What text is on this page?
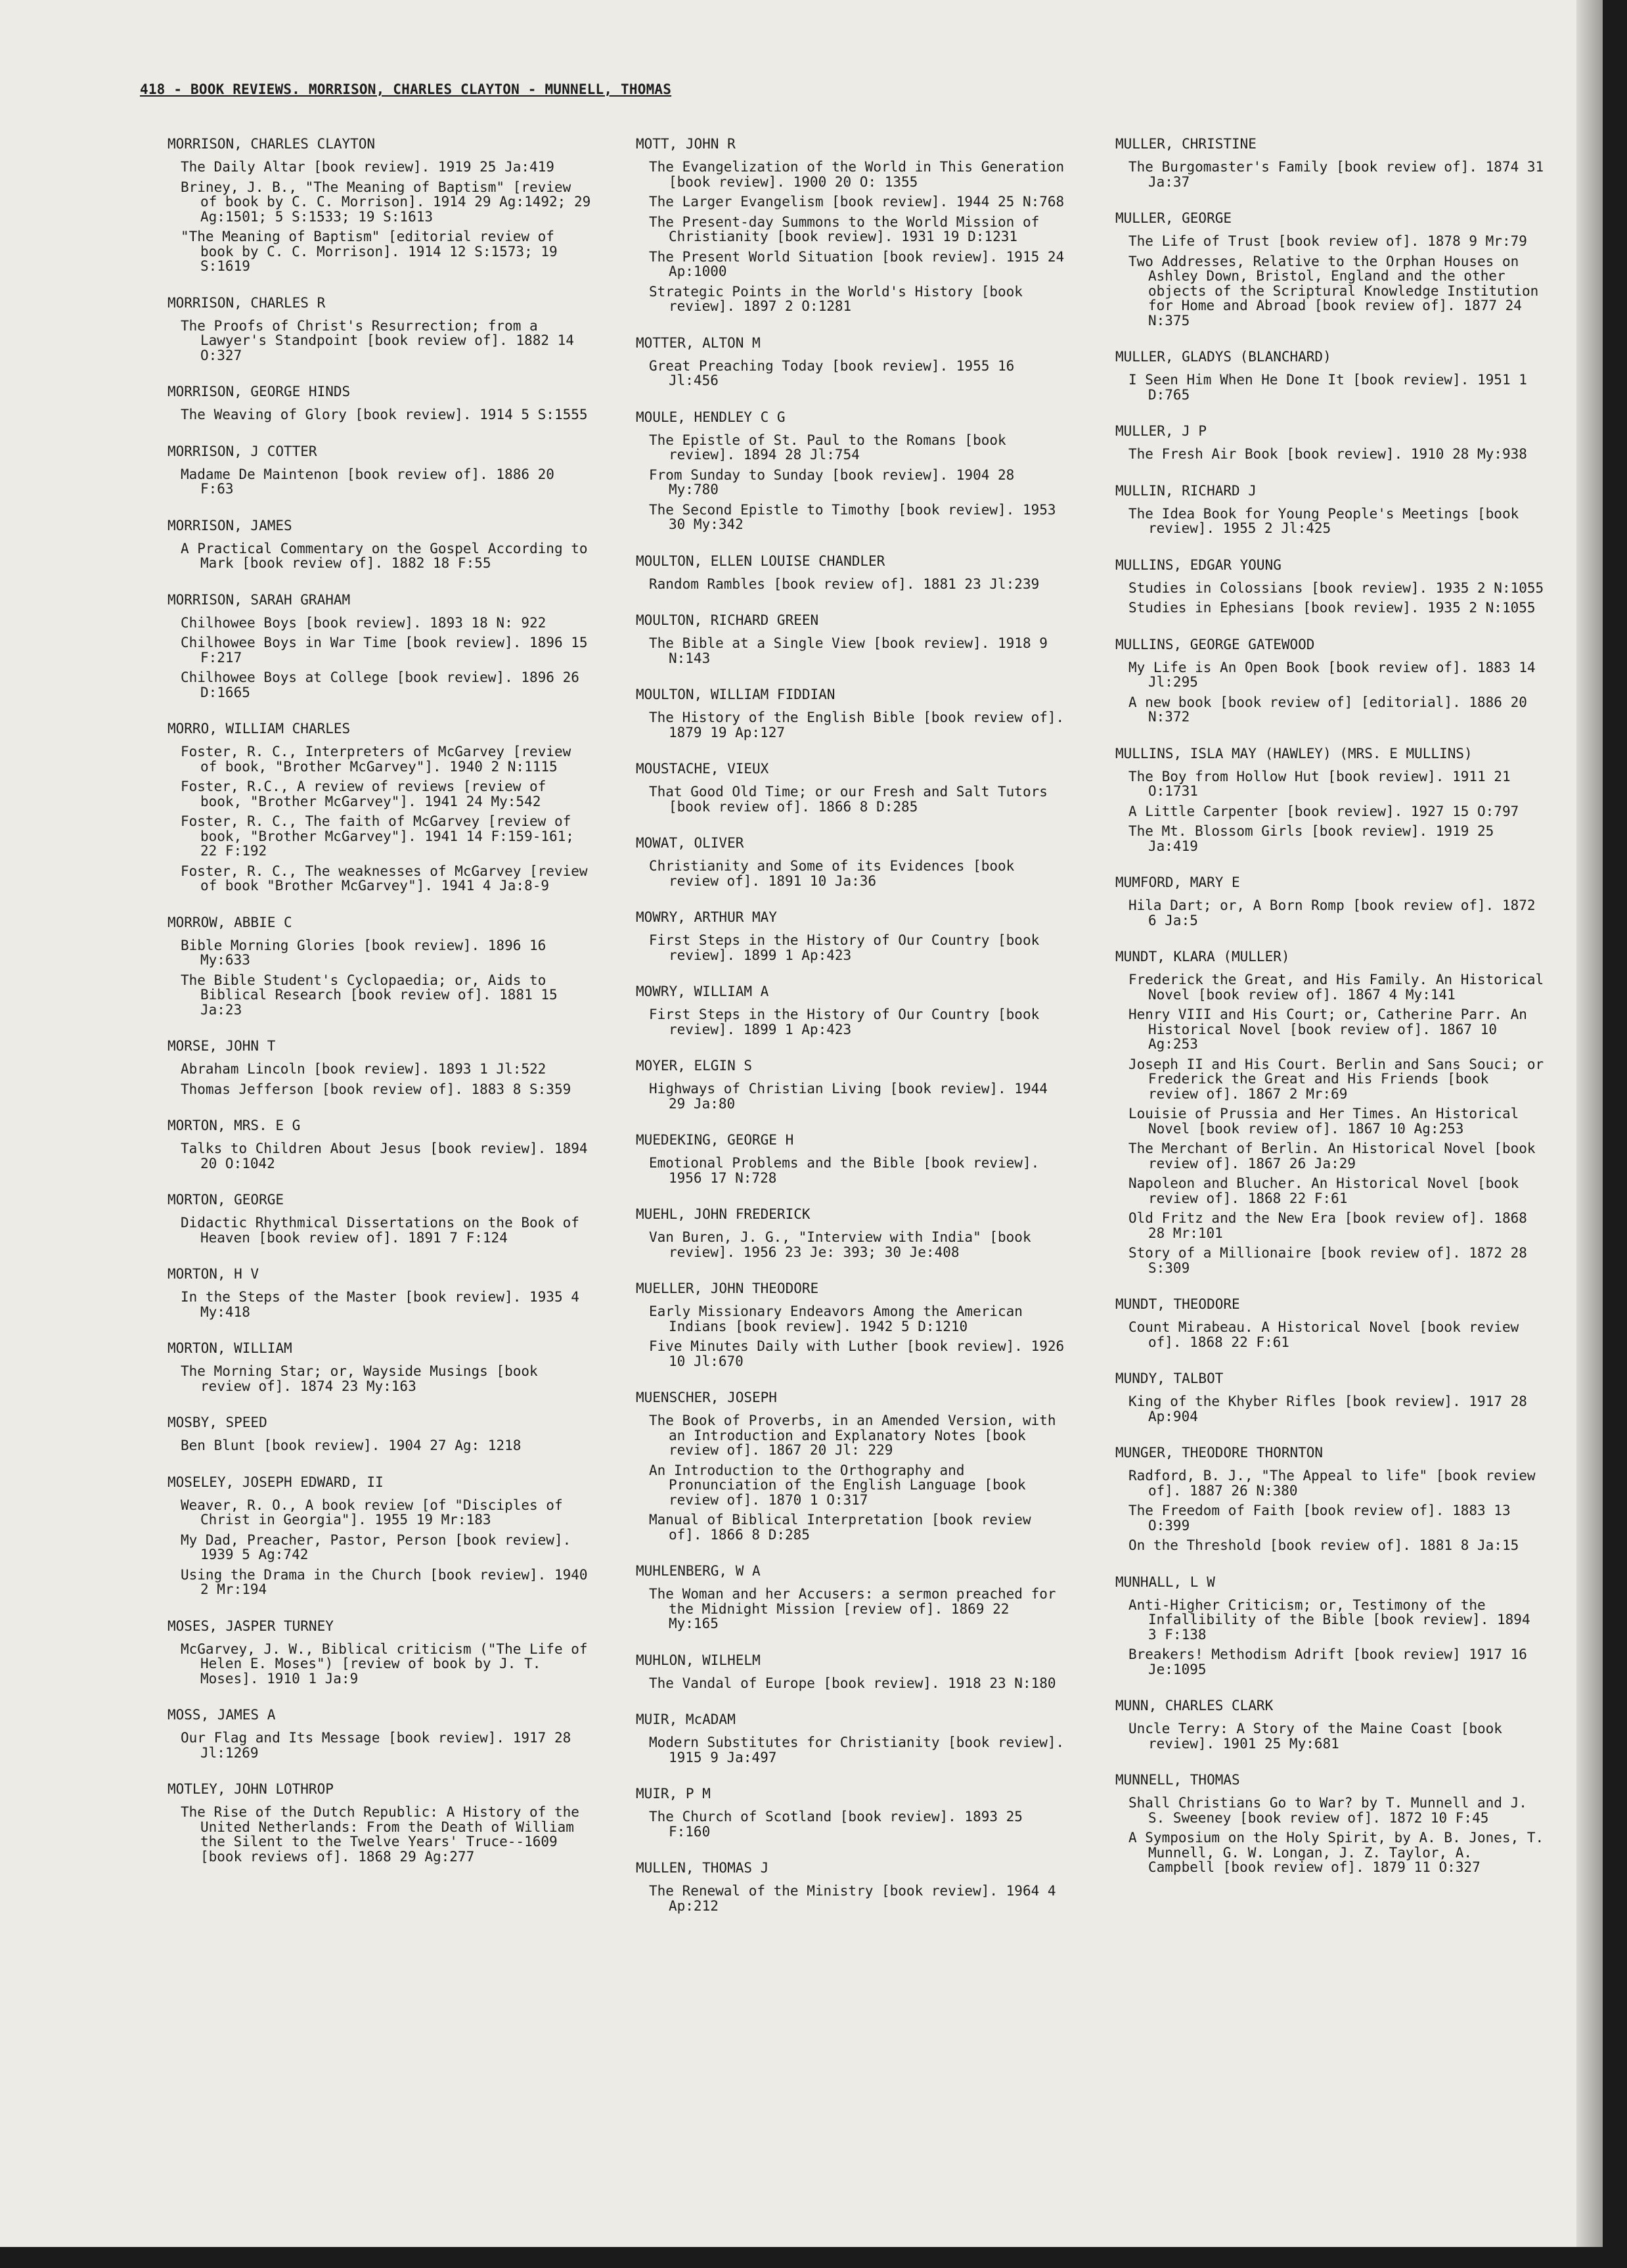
418 - BOOK REVIEWS. MORRISON, CHARLES CLAYTON - MUNNELL, THOMAS
MORRISON, CHARLES CLAYTON
The Daily Altar [book review]. 1919 25 Ja:419
Briney, J. B., "The Meaning of Baptism" [review of book by C. C. Morrison]. 1914 29 Ag:1492; 29 Ag:1501; 5 S:1533; 19 S:1613
"The Meaning of Baptism" [editorial review of book by C. C. Morrison]. 1914 12 S:1573; 19 S:1619
MORRISON, CHARLES R
The Proofs of Christ's Resurrection; from a Lawyer's Standpoint [book review of]. 1882 14 O:327
MORRISON, GEORGE HINDS
The Weaving of Glory [book review]. 1914 5 S:1555
MORRISON, J COTTER
Madame De Maintenon [book review of]. 1886 20 F:63
MORRISON, JAMES
A Practical Commentary on the Gospel According to Mark [book review of]. 1882 18 F:55
MORRISON, SARAH GRAHAM
Chilhowee Boys [book review]. 1893 18 N: 922
Chilhowee Boys in War Time [book review]. 1896 15 F:217
Chilhowee Boys at College [book review]. 1896 26 D:1665
MORRO, WILLIAM CHARLES
Foster, R. C., Interpreters of McGarvey [review of book, "Brother McGarvey"]. 1940 2 N:1115
Foster, R.C., A review of reviews [review of book, "Brother McGarvey"]. 1941 24 My:542
Foster, R. C., The faith of McGarvey [review of book, "Brother McGarvey"]. 1941 14 F:159-161; 22 F:192
Foster, R. C., The weaknesses of McGarvey [review of book "Brother McGarvey"]. 1941 4 Ja:8-9
MORROW, ABBIE C
Bible Morning Glories [book review]. 1896 16 My:633
The Bible Student's Cyclopaedia; or, Aids to Biblical Research [book review of]. 1881 15 Ja:23
MORSE, JOHN T
Abraham Lincoln [book review]. 1893 1 Jl:522
Thomas Jefferson [book review of]. 1883 8 S:359
MORTON, MRS. E G
Talks to Children About Jesus [book review]. 1894 20 O:1042
MORTON, GEORGE
Didactic Rhythmical Dissertations on the Book of Heaven [book review of]. 1891 7 F:124
MORTON, H V
In the Steps of the Master [book review]. 1935 4 My:418
MORTON, WILLIAM
The Morning Star; or, Wayside Musings [book review of]. 1874 23 My:163
MOSBY, SPEED
Ben Blunt [book review]. 1904 27 Ag: 1218
MOSELEY, JOSEPH EDWARD, II
Weaver, R. O., A book review [of "Disciples of Christ in Georgia"]. 1955 19 Mr:183
My Dad, Preacher, Pastor, Person [book review]. 1939 5 Ag:742
Using the Drama in the Church [book review]. 1940 2 Mr:194
MOSES, JASPER TURNEY
McGarvey, J. W., Biblical criticism ("The Life of Helen E. Moses") [review of book by J. T. Moses]. 1910 1 Ja:9
MOSS, JAMES A
Our Flag and Its Message [book review]. 1917 28 Jl:1269
MOTLEY, JOHN LOTHROP
The Rise of the Dutch Republic: A History of the United Netherlands: From the Death of William the Silent to the Twelve Years' Truce--1609 [book reviews of]. 1868 29 Ag:277
MOTT, JOHN R
The Evangelization of the World in This Generation [book review]. 1900 20 O: 1355
The Larger Evangelism [book review]. 1944 25 N:768
The Present-day Summons to the World Mission of Christianity [book review]. 1931 19 D:1231
The Present World Situation [book review]. 1915 24 Ap:1000
Strategic Points in the World's History [book review]. 1897 2 O:1281
MOTTER, ALTON M
Great Preaching Today [book review]. 1955 16 Jl:456
MOULE, HENDLEY C G
The Epistle of St. Paul to the Romans [book review]. 1894 28 Jl:754
From Sunday to Sunday [book review]. 1904 28 My:780
The Second Epistle to Timothy [book review]. 1953 30 My:342
MOULTON, ELLEN LOUISE CHANDLER
Random Rambles [book review of]. 1881 23 Jl:239
MOULTON, RICHARD GREEN
The Bible at a Single View [book review]. 1918 9 N:143
MOULTON, WILLIAM FIDDIAN
The History of the English Bible [book review of]. 1879 19 Ap:127
MOUSTACHE, VIEUX
That Good Old Time; or our Fresh and Salt Tutors [book review of]. 1866 8 D:285
MOWAT, OLIVER
Christianity and Some of its Evidences [book review of]. 1891 10 Ja:36
MOWRY, ARTHUR MAY
First Steps in the History of Our Country [book review]. 1899 1 Ap:423
MOWRY, WILLIAM A
First Steps in the History of Our Country [book review]. 1899 1 Ap:423
MOYER, ELGIN S
Highways of Christian Living [book review]. 1944 29 Ja:80
MUEDEKING, GEORGE H
Emotional Problems and the Bible [book review]. 1956 17 N:728
MUEHL, JOHN FREDERICK
Van Buren, J. G., "Interview with India" [book review]. 1956 23 Je: 393; 30 Je:408
MUELLER, JOHN THEODORE
Early Missionary Endeavors Among the American Indians [book review]. 1942 5 D:1210
Five Minutes Daily with Luther [book review]. 1926 10 Jl:670
MUENSCHER, JOSEPH
The Book of Proverbs, in an Amended Version, with an Introduction and Explanatory Notes [book review of]. 1867 20 Jl: 229
An Introduction to the Orthography and Pronunciation of the English Language [book review of]. 1870 1 O:317
Manual of Biblical Interpretation [book review of]. 1866 8 D:285
MUHLENBERG, W A
The Woman and her Accusers: a sermon preached for the Midnight Mission [review of]. 1869 22 My:165
MUHLON, WILHELM
The Vandal of Europe [book review]. 1918 23 N:180
MUIR, McADAM
Modern Substitutes for Christianity [book review]. 1915 9 Ja:497
MUIR, P M
The Church of Scotland [book review]. 1893 25 F:160
MULLEN, THOMAS J
The Renewal of the Ministry [book review]. 1964 4 Ap:212
MULLER, CHRISTINE
The Burgomaster's Family [book review of]. 1874 31 Ja:37
MULLER, GEORGE
The Life of Trust [book review of]. 1878 9 Mr:79
Two Addresses, Relative to the Orphan Houses on Ashley Down, Bristol, England and the other objects of the Scriptural Knowledge Institution for Home and Abroad [book review of]. 1877 24 N:375
MULLER, GLADYS (BLANCHARD)
I Seen Him When He Done It [book review]. 1951 1 D:765
MULLER, J P
The Fresh Air Book [book review]. 1910 28 My:938
MULLIN, RICHARD J
The Idea Book for Young People's Meetings [book review]. 1955 2 Jl:425
MULLINS, EDGAR YOUNG
Studies in Colossians [book review]. 1935 2 N:1055
Studies in Ephesians [book review]. 1935 2 N:1055
MULLINS, GEORGE GATEWOOD
My Life is An Open Book [book review of]. 1883 14 Jl:295
A new book [book review of] [editorial]. 1886 20 N:372
MULLINS, ISLA MAY (HAWLEY) (MRS. E MULLINS)
The Boy from Hollow Hut [book review]. 1911 21 O:1731
A Little Carpenter [book review]. 1927 15 O:797
The Mt. Blossom Girls [book review]. 1919 25 Ja:419
MUMFORD, MARY E
Hila Dart; or, A Born Romp [book review of]. 1872 6 Ja:5
MUNDT, KLARA (MULLER)
Frederick the Great, and His Family. An Historical Novel [book review of]. 1867 4 My:141
Henry VIII and His Court; or, Catherine Parr. An Historical Novel [book review of]. 1867 10 Ag:253
Joseph II and His Court. Berlin and Sans Souci; or Frederick the Great and His Friends [book review of]. 1867 2 Mr:69
Louisie of Prussia and Her Times. An Historical Novel [book review of]. 1867 10 Ag:253
The Merchant of Berlin. An Historical Novel [book review of]. 1867 26 Ja:29
Napoleon and Blucher. An Historical Novel [book review of]. 1868 22 F:61
Old Fritz and the New Era [book review of]. 1868 28 Mr:101
Story of a Millionaire [book review of]. 1872 28 S:309
MUNDT, THEODORE
Count Mirabeau. A Historical Novel [book review of]. 1868 22 F:61
MUNDY, TALBOT
King of the Khyber Rifles [book review]. 1917 28 Ap:904
MUNGER, THEODORE THORNTON
Radford, B. J., "The Appeal to life" [book review of]. 1887 26 N:380
The Freedom of Faith [book review of]. 1883 13 O:399
On the Threshold [book review of]. 1881 8 Ja:15
MUNHALL, L W
Anti-Higher Criticism; or, Testimony of the Infallibility of the Bible [book review]. 1894 3 F:138
Breakers! Methodism Adrift [book review] 1917 16 Je:1095
MUNN, CHARLES CLARK
Uncle Terry: A Story of the Maine Coast [book review]. 1901 25 My:681
MUNNELL, THOMAS
Shall Christians Go to War? by T. Munnell and J. S. Sweeney [book review of]. 1872 10 F:45
A Symposium on the Holy Spirit, by A. B. Jones, T. Munnell, G. W. Longan, J. Z. Taylor, A. Campbell [book review of]. 1879 11 O:327
